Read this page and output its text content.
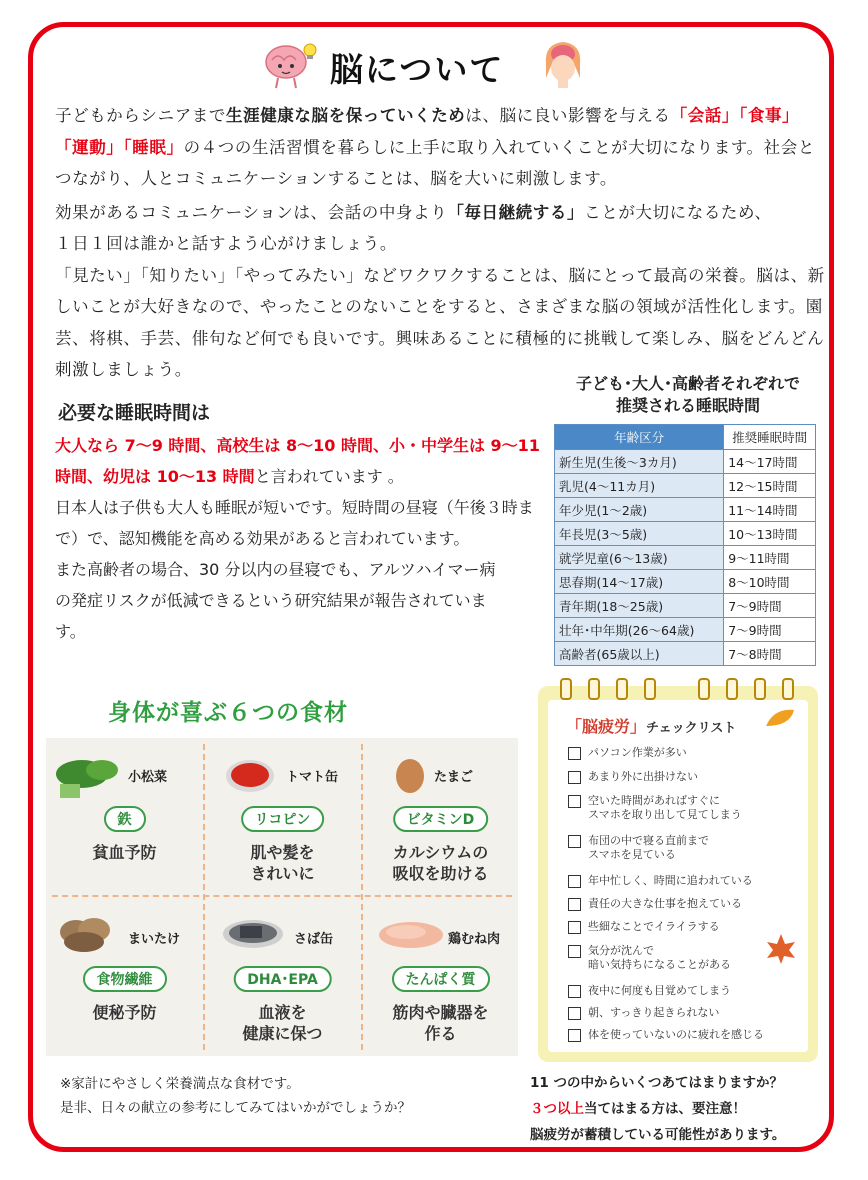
脳について

子どもからシニアまで生涯健康な脳を保っていくためは、脳に良い影響を与える「会話」「食事」「運動」「睡眠」の４つの生活習慣を暮らしに上手に取り入れていくことが大切になります。社会とつながり、人とコミュニケーションすることは、脳を大いに刺激します。

効果があるコミュニケーションは、会話の中身より「毎日継続する」ことが大切になるため、１日１回は誰かと話すよう心がけましょう。

「見たい」「知りたい」「やってみたい」などワクワクすることは、脳にとって最高の栄養。脳は、新しいことが大好きなので、やったことのないことをすると、さまざまな脳の領域が活性化します。園芸、将棋、手芸、俳句など何でも良いです。興味あることに積極的に挑戦して楽しみ、脳をどんどん刺激しましょう。

必要な睡眠時間は

大人なら 7〜9 時間、高校生は 8〜10 時間、小・中学生は 9〜11 時間、幼児は 10〜13 時間と言われています 。

日本人は子供も大人も睡眠が短いです。短時間の昼寝（午後３時まで）で、認知機能を高める効果があると言われています。

また高齢者の場合、30 分以内の昼寝でも、アルツハイマー病の発症リスクが低減できるという研究結果が報告されています。

子ども･大人･高齢者それぞれで
推奨される睡眠時間
年齢区分	推奨睡眠時間
新生児(生後〜3カ月)	14〜17時間
乳児(4〜11カ月)	12〜15時間
年少児(1〜2歳)	11〜14時間
年長児(3〜5歳)	10〜13時間
就学児童(6〜13歳)	9〜11時間
思春期(14〜17歳)	8〜10時間
青年期(18〜25歳)	7〜9時間
壮年･中年期(26〜64歳)	7〜9時間
高齢者(65歳以上)	7〜8時間
身体が喜ぶ６つの食材
小松菜
鉄
貧血予防
トマト缶
リコピン
肌や髪を
きれいに
たまご
ビタミンD
カルシウムの
吸収を助ける
まいたけ
食物繊維
便秘予防
さば缶
DHA･EPA
血液を
健康に保つ
鶏むね肉
たんぱく質
筋肉や臓器を
作る

※家計にやさしく栄養満点な食材です。

是非、日々の献立の参考にしてみてはいかがでしょうか？

「脳疲労」チェックリスト
パソコン作業が多い
あまり外に出掛けない
空いた時間があればすぐに
スマホを取り出して見てしまう
布団の中で寝る直前まで
スマホを見ている
年中忙しく、時間に追われている
責任の大きな仕事を抱えている
些細なことでイライラする
気分が沈んで
暗い気持ちになることがある
夜中に何度も目覚めてしまう
朝、すっきり起きられない
体を使っていないのに疲れを感じる

11 つの中からいくつあてはまりますか？

３つ以上当てはまる方は、要注意！

脳疲労が蓄積している可能性があります。
